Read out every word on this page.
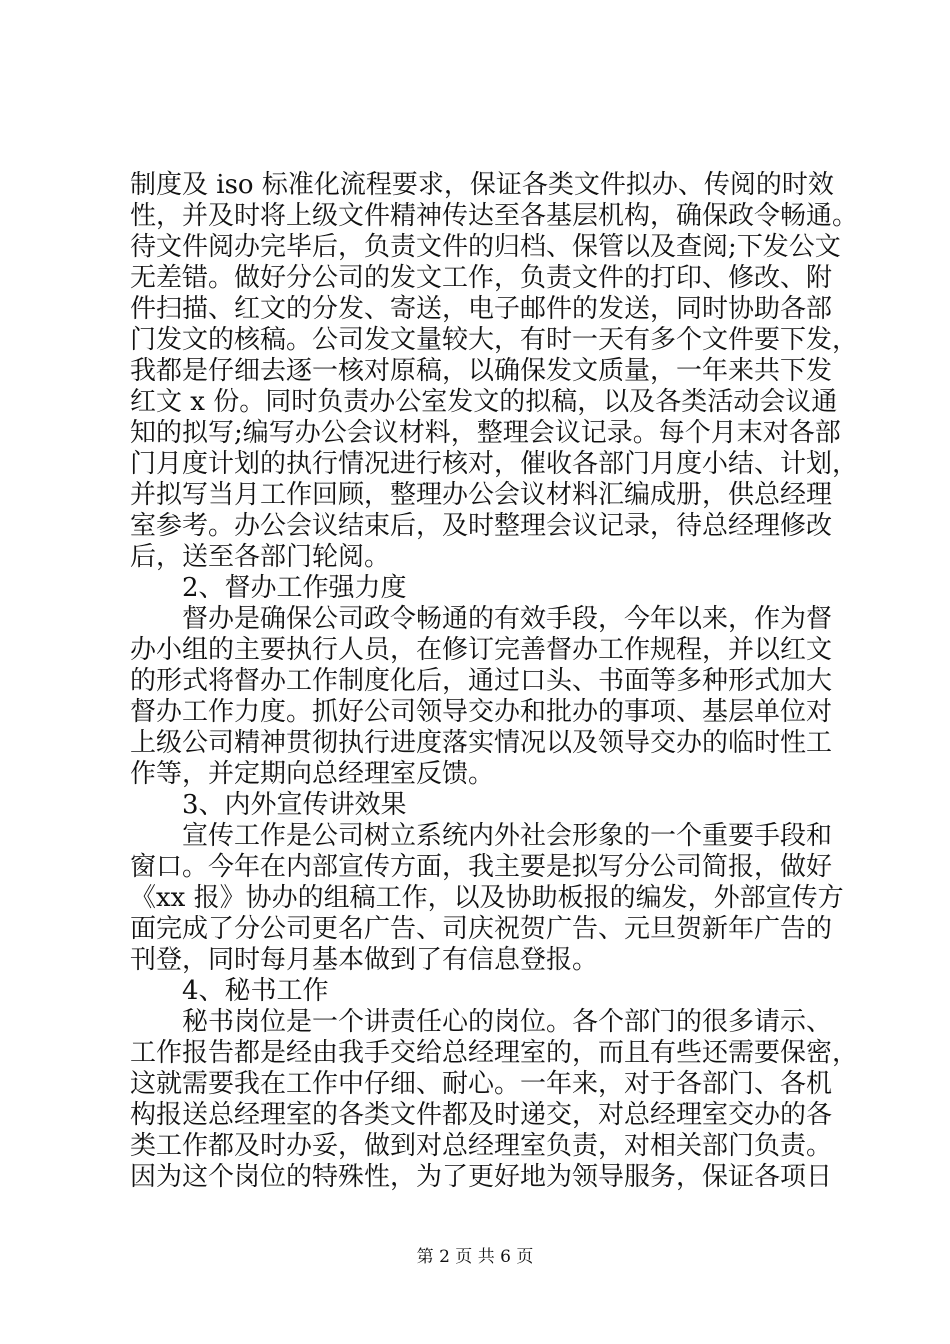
制度及 iso 标准化流程要求，保证各类文件拟办、传阅的时效
性，并及时将上级文件精神传达至各基层机构，确保政令畅通。
待文件阅办完毕后，负责文件的归档、保管以及查阅;下发公文
无差错。做好分公司的发文工作，负责文件的打印、修改、附
件扫描、红文的分发、寄送，电子邮件的发送，同时协助各部
门发文的核稿。公司发文量较大，有时一天有多个文件要下发，
我都是仔细去逐一核对原稿，以确保发文质量，一年来共下发
红文 x 份。同时负责办公室发文的拟稿，以及各类活动会议通
知的拟写;编写办公会议材料，整理会议记录。每个月末对各部
门月度计划的执行情况进行核对，催收各部门月度小结、计划，
并拟写当月工作回顾，整理办公会议材料汇编成册，供总经理
室参考。办公会议结束后，及时整理会议记录，待总经理修改
后，送至各部门轮阅。
　　2、督办工作强力度
　　督办是确保公司政令畅通的有效手段，今年以来，作为督
办小组的主要执行人员，在修订完善督办工作规程，并以红文
的形式将督办工作制度化后，通过口头、书面等多种形式加大
督办工作力度。抓好公司领导交办和批办的事项、基层单位对
上级公司精神贯彻执行进度落实情况以及领导交办的临时性工
作等，并定期向总经理室反馈。
　　3、内外宣传讲效果
　　宣传工作是公司树立系统内外社会形象的一个重要手段和
窗口。今年在内部宣传方面，我主要是拟写分公司简报，做好
《xx 报》协办的组稿工作，以及协助板报的编发，外部宣传方
面完成了分公司更名广告、司庆祝贺广告、元旦贺新年广告的
刊登，同时每月基本做到了有信息登报。
　　4、秘书工作
　　秘书岗位是一个讲责任心的岗位。各个部门的很多请示、
工作报告都是经由我手交给总经理室的，而且有些还需要保密，
这就需要我在工作中仔细、耐心。一年来，对于各部门、各机
构报送总经理室的各类文件都及时递交，对总经理室交办的各
类工作都及时办妥，做到对总经理室负责，对相关部门负责。
因为这个岗位的特殊性，为了更好地为领导服务，保证各项日
第 2 页 共 6 页
